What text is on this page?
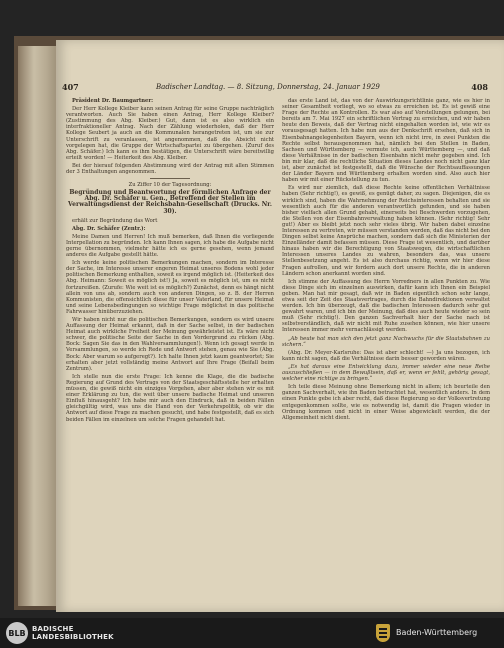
407	Badischer Landtag. — 8. Sitzung, Donnerstag, 24. Januar 1929	408

Präsident Dr. Baumgartner:

Der Herr Kollege Kleiber kann seinen Antrag für seine Gruppe nachträglich verantworten. Auch Sie haben einen Antrag, Herr Kollege Kleiber? (Zustimmung des Abg. Kleiber.) Gut, dann ist es also wirklich ein interfraktioneller Antrag. Nach der Zählung wiederholen, daß der Herr Kollege Seubert ja auch an die Kommunalen herangetreten ist, um sie zur Unterschrift zu veranlassen, ist angenommen, daß die Absicht nicht vorgelegen hat, die Gruppe der Wirtschaftspartei zu übergehen. (Zuruf des Abg. Schäfer.) Ich kann es ihm bestätigen, die Unterschrift wäre bereitwillig erteilt worden! — Heiterkeit des Abg. Kleiber.

Bei der hierauf folgenden Abstimmung wird der Antrag mit allen Stimmen der 3 Enthaltungen angenommen.

Zu Ziffer 10 der Tagesordnung:

Begründung und Beantwortung der förmlichen Anfrage der Abg. Dr. Schäfer u. Gen., Betreffend der Stellen im Verwaltungsdienst der Reichsbahn-Gesellschaft (Drucks. Nr. 30).

erhält zur Begründung das Wort

Abg. Dr. Schäfer (Zentr.):

Meine Damen und Herren! Ich muß bemerken, daß Ihnen die vorliegende Interpellation zu begründen. Ich kann Ihnen sagen, ich habe die Aufgabe nicht gerne übernommen, vielmehr hätte ich es gerne gesehen, wenn jemand anderes die Aufgabe gestellt hätte.

Ich werde keine politischen Bemerkungen machen, sondern im Interesse der Sache, im Interesse unserer engeren Heimat unseres Bodens wohl jeder politischen Bemerkung enthalten, soweit es irgend möglich ist. (Heiterkeit des Abg. Heimann: Soweit es möglich ist!) Ja, soweit es möglich ist, um es nicht fortzureißen. (Zurufe: Wie weit ist es möglich?) Zunächst, denn es hängt nicht allein von uns ab, sondern auch von anderen Dingen, so z. B. der Herren Kommunisten, die offensichtlich diese für unser Vaterland, für unsere Heimat und seine Lebensbedingungen so wichtige Frage möglichst in das politische Fahrwasser hinüberzuziehen.

Wir haben nicht nur die politischen Bemerkungen, sondern es wird unsere Auffassung der Heimat erkannt, daß in der Sache selbst, in der badischen Heimat auch wirkliche Freiheit der Meinung gewährleistet ist. Es wäre nicht schwer, die politische Seite der Sache in den Vordergrund zu rücken (Abg. Bock: Sagen Sie das in den Wahlversammlungen!). Wenn ich gesagt werde in Versammlungen, so werde ich Rede und Antwort stehen, genau wie Sie (Abg. Bock: Aber warum so aufgeregt?). Ich halte Ihnen jetzt kaum geantwortet; Sie erhalten aber jetzt vollständig meine Antwort auf Ihre Frage (Beifall beim Zentrum).

Ich stelle nun die erste Frage: Ich kenne die Klage, die die badische Regierung auf Grund des Vertrags von der Staatsgeschäftsstelle her erhalten müssen, die gewiß nicht ein einziges Vorgehen, aber aber stehen wir es mit einer Erklärung zu tun, die weit über unsere badische Heimat und unseren Einfluß hinausgeht? Ich habe mir auch den Eindruck, daß in beiden Fällen gleichgültig wird, was uns die Hand von der Verkehrspolitik, ob wir die Antwort auf diese Frage zu machen gesucht, und habe festgestellt, daß es sich beiden Fällen im einzelnen um solche Fragen gehandelt hat.

das erste Land ist, das von der Auswirkungsrichtlinie ganz, wie es hier in seiner Gesamtheit vorliegt, wo so etwas zu erreichen ist. Es ist gewiß eine Frage der Rechte an Kontrollen. Es war also auf Vorstellungen gelungen, bei bereits am 7. Mai 1927 ein schriftlichen Vertrag zu erreichen, und wir haben heute den Beweis, daß der Vertrag nicht eingehalten worden ist, wie wir es vorausgesagt hatten. Ich habe nun aus der Denkschrift ersehen, daß sich in Eisenbahnangelegenheiten Bayern, wenn ich nicht irre, in zwei Punkten die Rechte selbst herausgenommen hat, nämlich bei den Stellen in Baden, Sachsen und Württemberg — vermute ich, auch Württemberg —, und daß diese Verhältnisse in der badischen Eisenbahn nicht mehr gegeben sind. Ich bin mir klar, daß die rechtliche Situation dieses Landes noch nicht ganz klar ist, aber zunächst ist festgestellt, daß die Wünsche der Rechtsauffassungen der Länder Bayern und Württemberg erhalten worden sind. Also auch hier haben wir mit einer Rückstellung zu tun.

Es wird nur ziemlich, daß diese Rechte keine offentlichen Verhältnisse haben (Sehr richtig!), es gewiß, es genügt daher, zu sagen. Diejenigen, die es wirklich sind, haben die Wahrnehmung der Reichsinteressen behalten und sie wesentlich auch für die anderen verantwortlich gefunden, und sie haben bisher vielfach allen Grund gehabt, einerseits bei Beschwerden vorzugehen, die Stellen von der Eisenbahnverwaltung haben können. (Sehr richtig! Sehr gut!) Aber es bleibt jetzt noch sehr vieles übrig. Wir haben dabei einzelne Interessen zu vertreten, wir müssen verstanden werden, daß das nicht bei den Dingen selbst keine Ansprüche machen, sondern daß sich die Ministerien der Einzelländer damit befassen müssen. Diese Frage ist wesentlich, und darüber hinaus haben wir die Berechtigung von Staatswegen, die wirtschaftlichen Interessen unseres Landes zu wahren, besonders das, was unsere Stellenbesetzung angeht. Es ist also durchaus richtig, wenn wir hier diese Fragen aufrollen, und wir fordern auch dort unsere Rechte, die in anderen Ländern schon anerkannt worden sind.

Ich stimme der Auffassung des Herrn Vorredners in allen Punkten zu. Wie diese Dinge sich im einzelnen auswirken, dafür kann ich Ihnen ein Beispiel geben. Man hat mir gesagt, daß wir in Baden eigentlich schon sehr lange, etwa seit der Zeit des Staatsvertrages, durch die Bahndirektionen verwaltet werden. Ich bin überzeugt, daß die badischen Interessen dadurch sehr gut gewahrt waren, und ich bin der Meinung, daß dies auch heute wieder so sein muß (Sehr richtig!). Den ganzen Sachverhalt hier der Sache nach ist selbstverständlich, daß wir nicht mit Ruhe zusehen können, wie hier unsere Interessen immer mehr vernachlässigt werden.

„Ab heute hat man sich den jetzt ganz Nachwuchs für die Staatsbahnen zu sichern.“

(Abg. Dr. Meyer-Karlsruhe: Das ist aber schlecht! —) Ja uns bezogen, ich kann nicht sagen, daß die Verhältnisse darin besser geworden wären.

„Es hat daraus eine Entwicklung dazu, immer wieder eine neue Reihe auszuschließen — in dem Bewußtsein, daß er, wenn er fehlt, gehörig gesagt, welcher eine richtige zu bringen.“

Ich teile diese Meinung ohne Bemerkung nicht in allem; ich beurteile den ganzen Sachverhalt, wie ihn Baden betrachtet hat, wesentlich anders. In dem einen Punkte gebe ich aber recht, daß diese Regierung so der Volksvertretung entgegenkommen sollte, wie es notwendig ist, damit die Fragen wieder in Ordnung kommen und nicht in einer Weise abgewickelt werden, die der Allgemeinheit nicht dient.

BLB BADISCHE
LANDESBIBLIOTHEK	Baden-Württemberg
